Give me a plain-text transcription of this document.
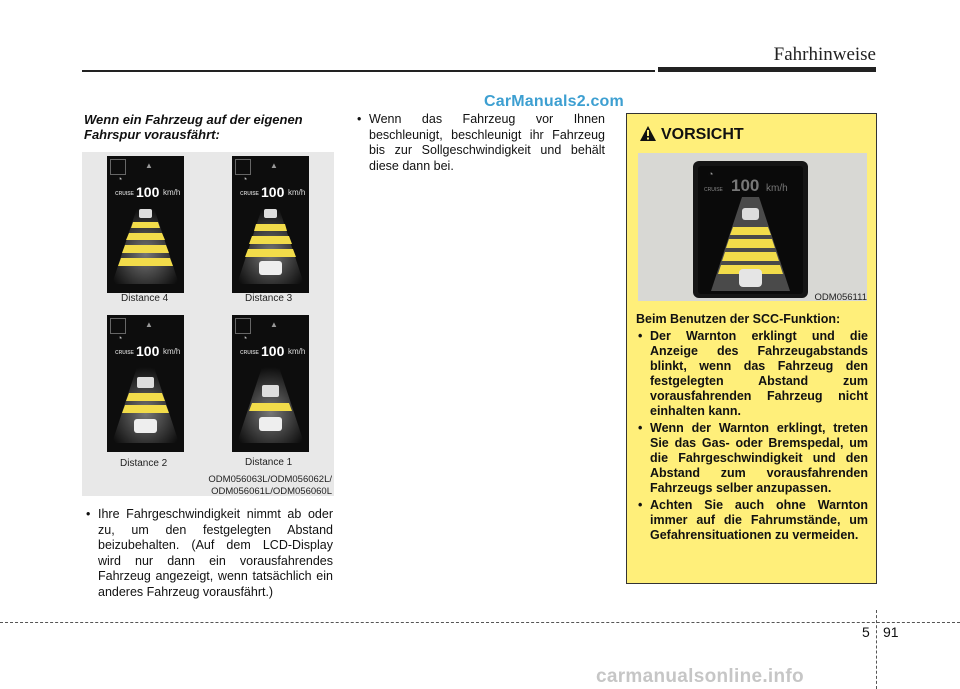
Fahrhinweise
CarManuals2.com
Wenn ein Fahrzeug auf der eigenen Fahrspur vorausfährt:
▲
◔
CRUISE 100 km/h
▲
◔
CRUISE 100 km/h
Distance 4	Distance 3
▲
◔
CRUISE 100 km/h
▲
◔
CRUISE 100 km/h
Distance 2	Distance 1
ODM056063L/ODM056062L/
ODM056061L/ODM056060L
• Ihre Fahrgeschwindigkeit nimmt ab oder zu, um den festgelegten Abstand beizubehalten. (Auf dem LCD-Display wird nur dann ein vorausfahrendes Fahrzeug angezeigt, wenn tatsächlich ein anderes Fahrzeug vorausfährt.)
• Wenn das Fahrzeug vor Ihnen beschleunigt, beschleunigt ihr Fahrzeug bis zur Sollgeschwindigkeit und behält diese dann bei.
VORSICHT
◔
CRUISE 100 km/h
ODM056111
Beim Benutzen der SCC-Funktion:
• Der Warnton erklingt und die Anzeige des Fahrzeugabstands blinkt, wenn das Fahrzeug den festgelegten Abstand zum vorausfahrenden Fahrzeug nicht einhalten kann.
• Wenn der Warnton erklingt, treten Sie das Gas- oder Bremspedal, um die Fahrgeschwindigkeit und den Abstand zum vorausfahrenden Fahrzeugs selber anzupassen.
• Achten Sie auch ohne Warnton immer auf die Fahrumstände, um Gefahrensituationen zu vermeiden.
5 91
carmanualsonline.info
